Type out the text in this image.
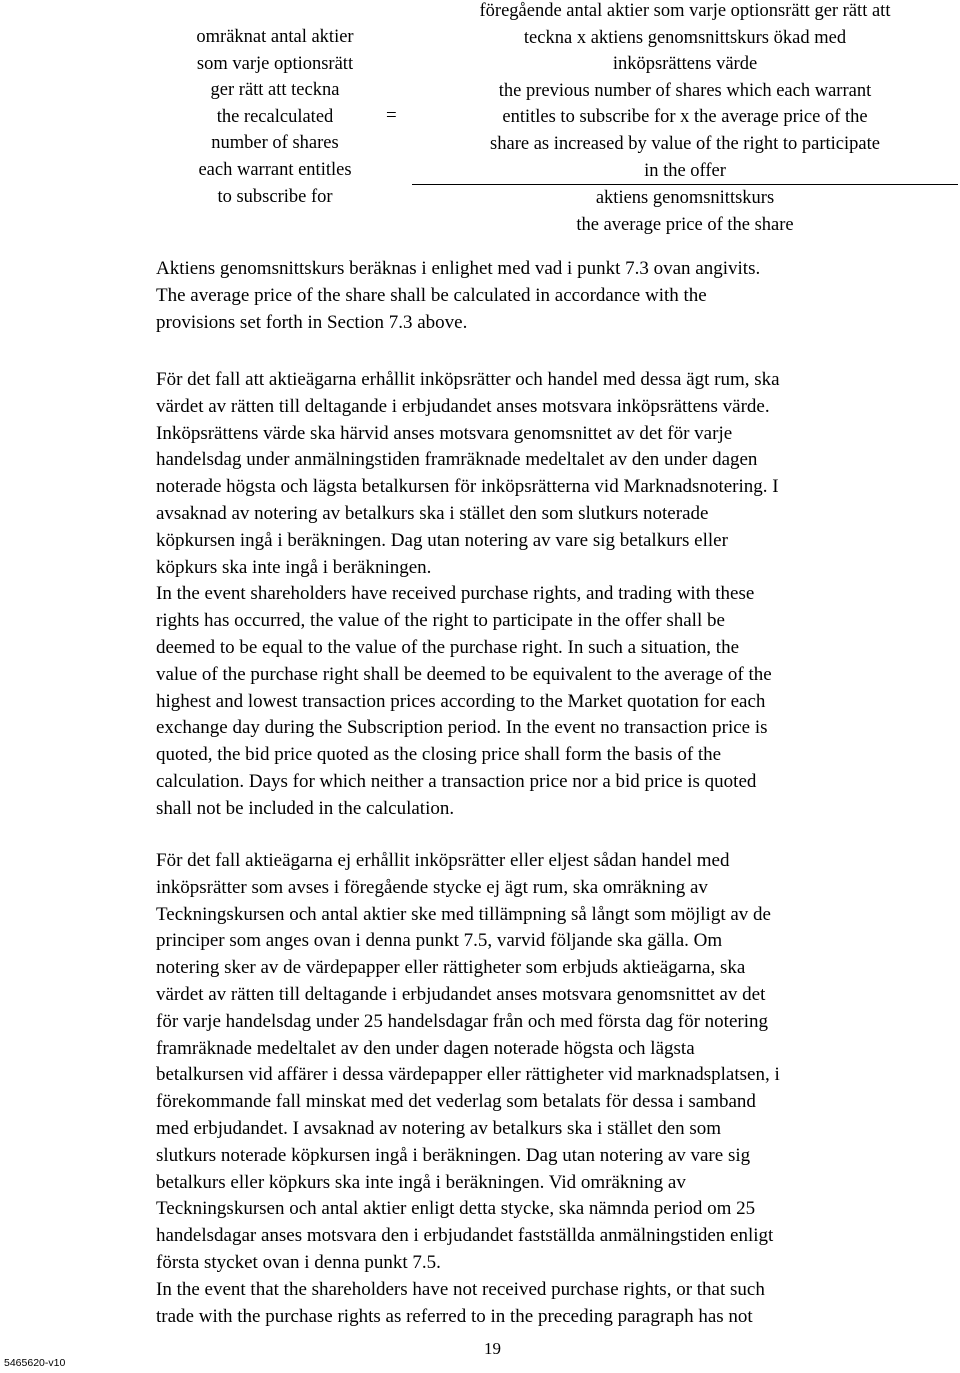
omräknat antal aktier
som varje optionsrätt
ger rätt att teckna
the recalculated
number of shares
each warrant entitles
to subscribe for
=
föregående antal aktier som varje optionsrätt ger rätt att
teckna x aktiens genomsnittskurs ökad med
inköpsrättens värde
the previous number of shares which each warrant
entitles to subscribe for x the average price of the
share as increased by value of the right to participate
in the offer
aktiens genomsnittskurs
the average price of the share
Aktiens genomsnittskurs beräknas i enlighet med vad i punkt 7.3 ovan angivits.
The average price of the share shall be calculated in accordance with the
provisions set forth in Section 7.3 above.
För det fall att aktieägarna erhållit inköpsrätter och handel med dessa ägt rum, ska
värdet av rätten till deltagande i erbjudandet anses motsvara inköpsrättens värde.
Inköpsrättens värde ska härvid anses motsvara genomsnittet av det för varje
handelsdag under anmälningstiden framräknade medeltalet av den under dagen
noterade högsta och lägsta betalkursen för inköpsrätterna vid Marknadsnotering. I
avsaknad av notering av betalkurs ska i stället den som slutkurs noterade
köpkursen ingå i beräkningen. Dag utan notering av vare sig betalkurs eller
köpkurs ska inte ingå i beräkningen.
In the event shareholders have received purchase rights, and trading with these
rights has occurred, the value of the right to participate in the offer shall be
deemed to be equal to the value of the purchase right. In such a situation, the
value of the purchase right shall be deemed to be equivalent to the average of the
highest and lowest transaction prices according to the Market quotation for each
exchange day during the Subscription period. In the event no transaction price is
quoted, the bid price quoted as the closing price shall form the basis of the
calculation. Days for which neither a transaction price nor a bid price is quoted
shall not be included in the calculation.
För det fall aktieägarna ej erhållit inköpsrätter eller eljest sådan handel med
inköpsrätter som avses i föregående stycke ej ägt rum, ska omräkning av
Teckningskursen och antal aktier ske med tillämpning så långt som möjligt av de
principer som anges ovan i denna punkt 7.5, varvid följande ska gälla. Om
notering sker av de värdepapper eller rättigheter som erbjuds aktieägarna, ska
värdet av rätten till deltagande i erbjudandet anses motsvara genomsnittet av det
för varje handelsdag under 25 handelsdagar från och med första dag för notering
framräknade medeltalet av den under dagen noterade högsta och lägsta
betalkursen vid affärer i dessa värdepapper eller rättigheter vid marknadsplatsen, i
förekommande fall minskat med det vederlag som betalats för dessa i samband
med erbjudandet. I avsaknad av notering av betalkurs ska i stället den som
slutkurs noterade köpkursen ingå i beräkningen. Dag utan notering av vare sig
betalkurs eller köpkurs ska inte ingå i beräkningen. Vid omräkning av
Teckningskursen och antal aktier enligt detta stycke, ska nämnda period om 25
handelsdagar anses motsvara den i erbjudandet fastställda anmälningstiden enligt
första stycket ovan i denna punkt 7.5.
In the event that the shareholders have not received purchase rights, or that such
trade with the purchase rights as referred to in the preceding paragraph has not
19
5465620-v10
